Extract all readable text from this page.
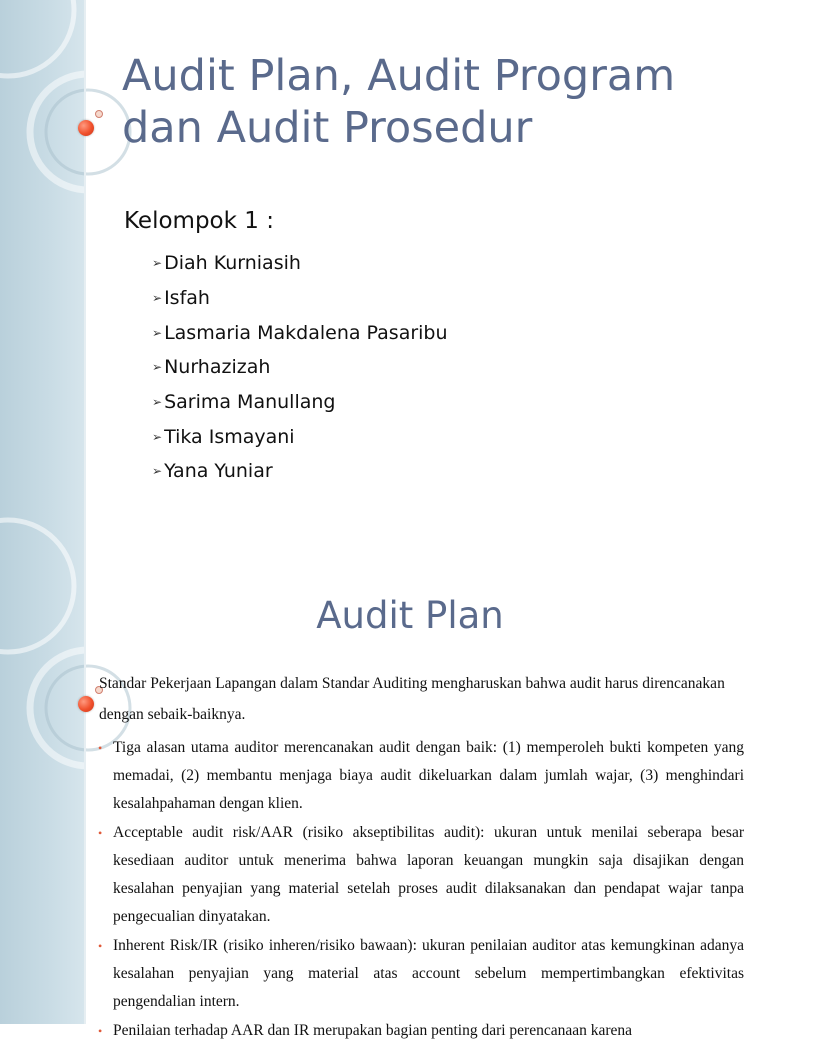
Audit Plan, Audit Program dan Audit Prosedur

Kelompok 1 :

➢ Diah Kurniasih
➢ Isfah
➢ Lasmaria Makdalena Pasaribu
➢ Nurhazizah
➢ Sarima Manullang
➢ Tika Ismayani
➢ Yana Yuniar
Audit Plan

Standar Pekerjaan Lapangan dalam Standar Auditing mengharuskan bahwa audit harus direncanakan dengan sebaik-baiknya.

• Tiga alasan utama auditor merencanakan audit dengan baik: (1) memperoleh bukti kompeten yang memadai, (2) membantu menjaga biaya audit dikeluarkan dalam jumlah wajar, (3) menghindari kesalahpahaman dengan klien.
• Acceptable audit risk/AAR (risiko akseptibilitas audit): ukuran untuk menilai seberapa besar kesediaan auditor untuk menerima bahwa laporan keuangan mungkin saja disajikan dengan kesalahan penyajian yang material setelah proses audit dilaksanakan dan pendapat wajar tanpa pengecualian dinyatakan.
• Inherent Risk/IR (risiko inheren/risiko bawaan): ukuran penilaian auditor atas kemungkinan adanya kesalahan penyajian yang material atas account sebelum mempertimbangkan efektivitas pengendalian intern.
• Penilaian terhadap AAR dan IR merupakan bagian penting dari perencanaan karena
